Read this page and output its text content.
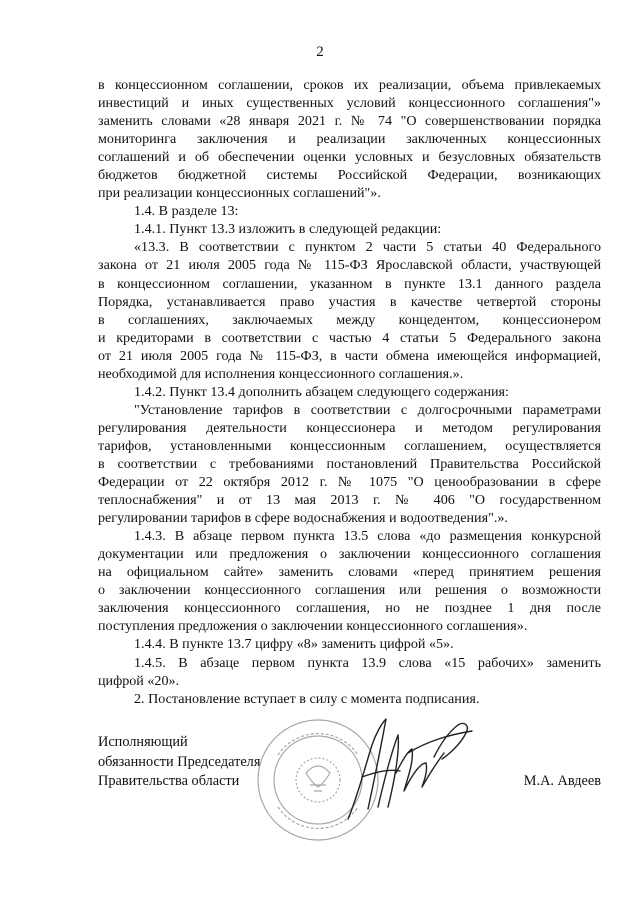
2
в концессионном соглашении, сроков их реализации, объема привлекаемых
инвестиций и иных существенных условий концессионного соглашения"»
заменить словами «28 января 2021 г. № 74 "О совершенствовании порядка
мониторинга заключения и реализации заключенных концессионных
соглашений и об обеспечении оценки условных и безусловных обязательств
бюджетов бюджетной системы Российской Федерации, возникающих
при реализации концессионных соглашений"».
1.4. В разделе 13:
1.4.1. Пункт 13.3 изложить в следующей редакции:
«13.3. В соответствии с пунктом 2 части 5 статьи 40 Федерального
закона от 21 июля 2005 года № 115-ФЗ Ярославской области, участвующей
в концессионном соглашении, указанном в пункте 13.1 данного раздела
Порядка, устанавливается право участия в качестве четвертой стороны
в соглашениях, заключаемых между концедентом, концессионером
и кредиторами в соответствии с частью 4 статьи 5 Федерального закона
от 21 июля 2005 года № 115-ФЗ, в части обмена имеющейся информацией,
необходимой для исполнения концессионного соглашения.».
1.4.2. Пункт 13.4 дополнить абзацем следующего содержания:
"Установление тарифов в соответствии с долгосрочными параметрами
регулирования деятельности концессионера и методом регулирования
тарифов, установленными концессионным соглашением, осуществляется
в соответствии с требованиями постановлений Правительства Российской
Федерации от 22 октября 2012 г. № 1075 "О ценообразовании в сфере
теплоснабжения" и от 13 мая 2013 г. № 406 "О государственном
регулировании тарифов в сфере водоснабжения и водоотведения".».
1.4.3. В абзаце первом пункта 13.5 слова «до размещения конкурсной
документации или предложения о заключении концессионного соглашения
на официальном сайте» заменить словами «перед принятием решения
о заключении концессионного соглашения или решения о возможности
заключения концессионного соглашения, но не позднее 1 дня после
поступления предложения о заключении концессионного соглашения».
1.4.4. В пункте 13.7 цифру «8» заменить цифрой «5».
1.4.5. В абзаце первом пункта 13.9 слова «15 рабочих» заменить
цифрой «20».
2. Постановление вступает в силу с момента подписания.
Исполняющий
обязанности Председателя
Правительства области	М.А. Авдеев
